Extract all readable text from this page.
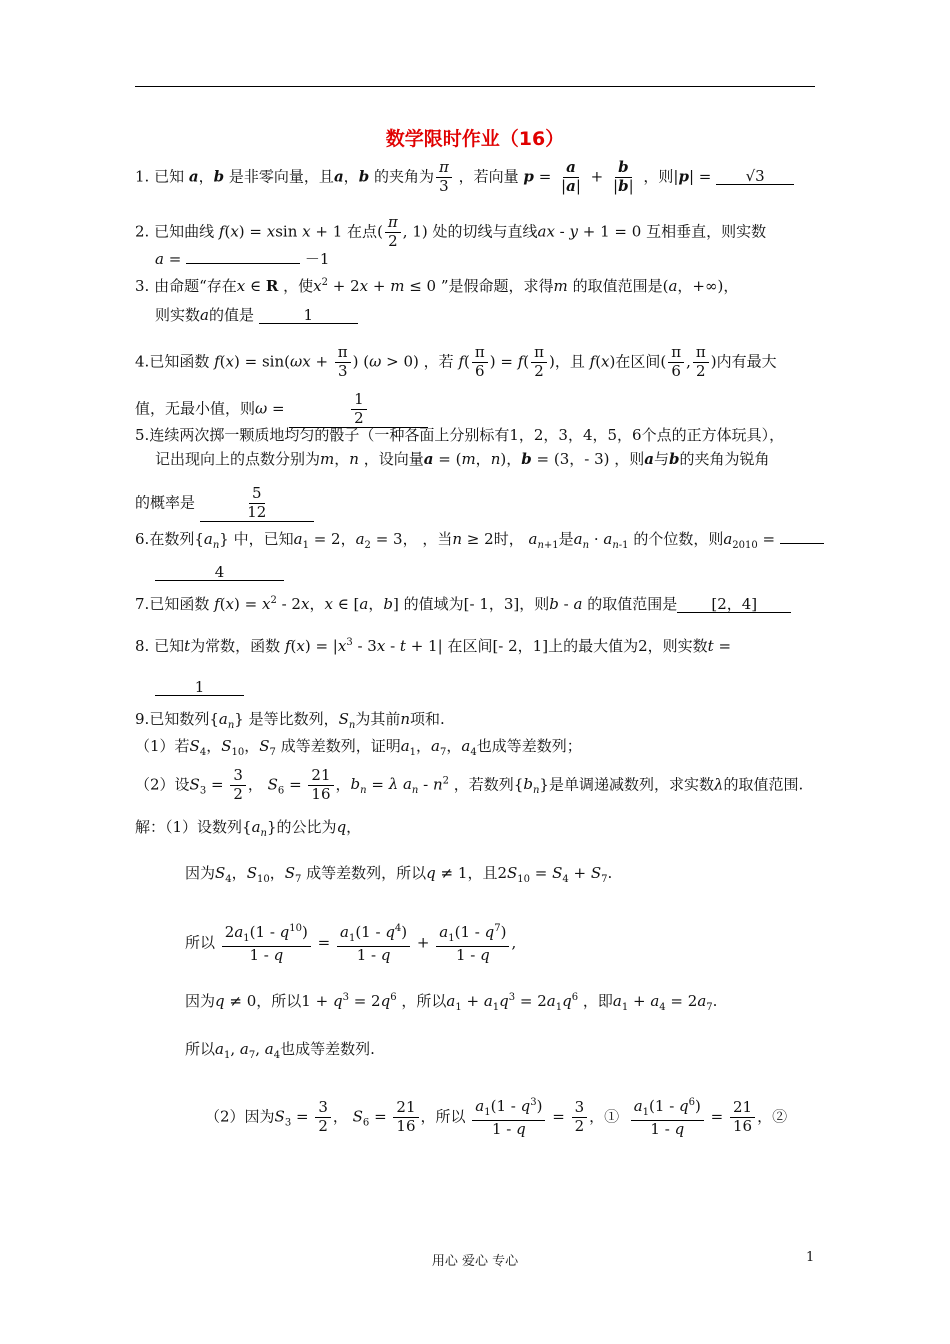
数学限时作业（16）
1. 已知 a，b 是非零向量，且a，b 的夹角为 $\frac{\pi}{3}$ ，若向量 $p = \frac{a}{|a|} + \frac{b}{|b|}$ ，则|p| = √3
2. 已知曲线 f(x) = xsin x + 1 在点( $\frac{\pi}{2}$ , 1) 处的切线与直线ax - y + 1 = 0 互相垂直，则实数
a =	－1
3. 由命题“存在x ∈ R ，使$x^2 + 2x + m \le 0$ ”是假命题，求得m 的取值范围是(a，+∞)，
则实数a的值是	1
4.已知函数 $f(x) = \sin(\omega x + \frac{\pi}{3}$ ) (ω > 0) ，若 $f( \frac{\pi}{6}$ ) = $f( \frac{\pi}{2}$ )，且 f(x)在区间( $\frac{\pi}{6}$ , $\frac{\pi}{2}$ )内有最大
值，无最小值，则ω =	$\frac{1}{2}$
5.连续两次掷一颗质地均匀的骰子（一种各面上分别标有1，2，3，4，5，6个点的正方体玩具），
记出现向上的点数分别为m，n ，设向量a = (m，n)，b = (3，- 3) ，则a与b的夹角为锐角
的概率是	$\frac{5}{12}$
6.在数列$\{a_n\}$ 中，已知$a_1 = 2$，$a_2 = 3$， ，当n ≥ 2时， $a_{n+1}$是$a_n \cdot a_{n-1}$ 的个位数，则$a_{2010}$ =
4
7.已知函数 $f(x) = x^2 - 2x$，x ∈ [a，b] 的值域为[- 1，3]，则b - a 的取值范围是 [2，4]
8. 已知t为常数，函数 $f(x) = |x^3 - 3x - t + 1|$ 在区间[- 2，1]上的最大值为2，则实数t =
1
9.已知数列$\{a_n\}$ 是等比数列，$S_n$为其前n项和.
（1）若$S_4$，$S_{10}$，$S_7$ 成等差数列，证明$a_1$，$a_7$，$a_4$也成等差数列；
（2）设$S_3 = \frac{3}{2}$ ， $S_6 = \frac{21}{16}$ ，$b_n = \lambda$ $a_n - n^2$ ，若数列$\{b_n\}$是单调递减数列，求实数λ的取值范围.
解：（1）设数列$\{a_n\}$的公比为q，
因为$S_4$，$S_{10}$，$S_7$ 成等差数列，所以q ≠ 1，且$2S_{10} = S_4 + S_7$.
所以 $\frac{2a_1(1 - q^{10})}{1 - q} = \frac{a_1(1 - q^4)}{1 - q} + \frac{a_1(1 - q^7)}{1 - q}$ ,
因为q ≠ 0，所以$1 + q^3 = 2q^6$ ，所以$a_1 + a_1q^3 = 2a_1q^6$ ，即$a_1 + a_4 = 2a_7$.
所以$a_1$, $a_7$, $a_4$也成等差数列.
（2）因为$S_3 = \frac{3}{2}$ ， $S_6 = \frac{21}{16}$ ，所以 $\frac{a_1(1 - q^3)}{1 - q} = \frac{3}{2}$ ，① $\frac{a_1(1 - q^6)}{1 - q} = \frac{21}{16}$ ，②
用心 爱心 专心	1
